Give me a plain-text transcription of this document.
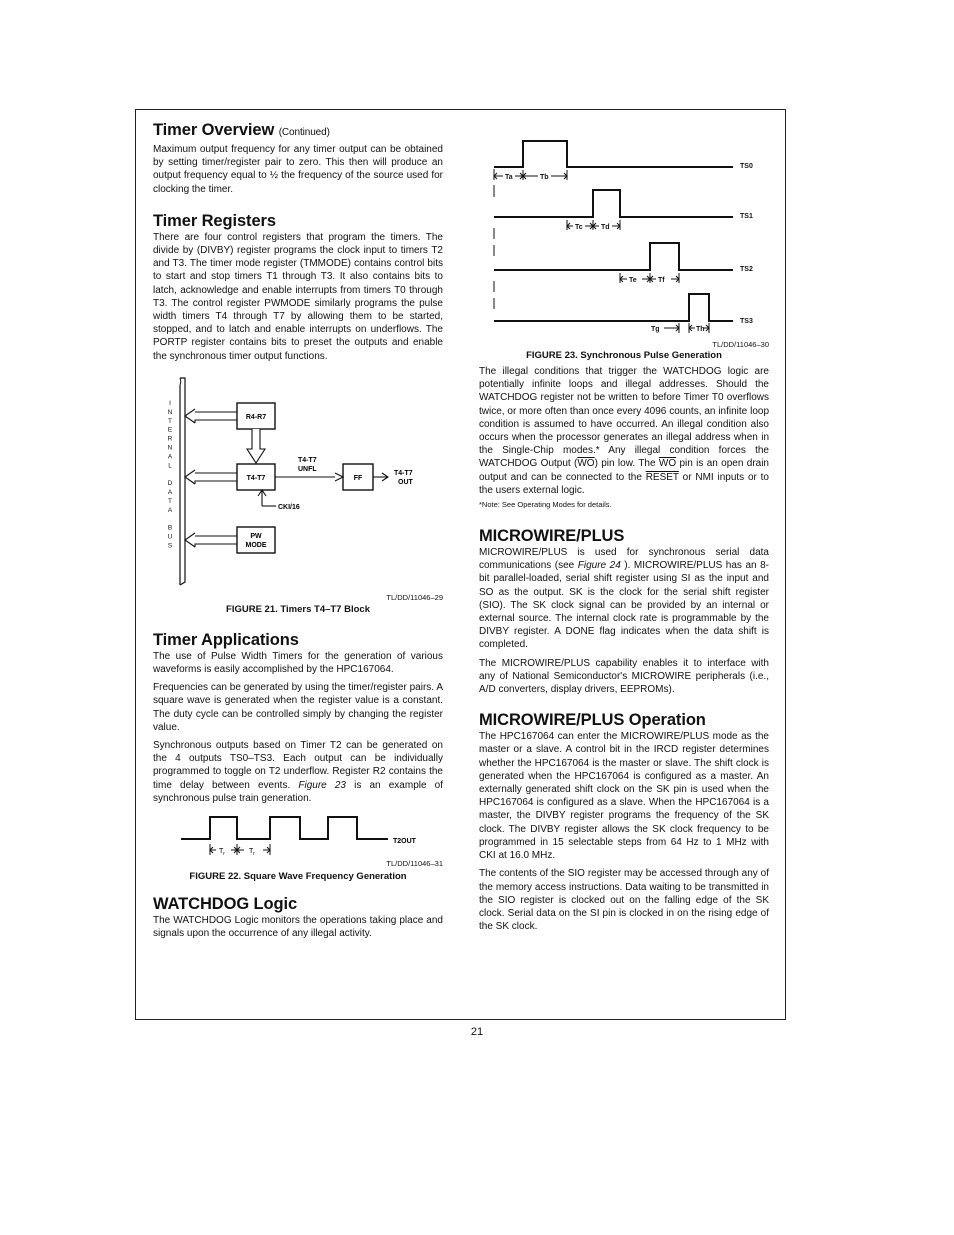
Timer Overview (Continued)

Maximum output frequency for any timer output can be obtained by setting timer/register pair to zero. This then will produce an output frequency equal to ½ the frequency of the source used for clocking the timer.

Timer Registers

There are four control registers that program the timers. The divide by (DIVBY) register programs the clock input to timers T2 and T3. The timer mode register (TMMODE) contains control bits to start and stop timers T1 through T3. It also contains bits to latch, acknowledge and enable interrupts from timers T0 through T3. The control register PWMODE similarly programs the pulse width timers T4 through T7 by allowing them to be started, stopped, and to latch and enable interrupts on underflows. The PORTP register contains bits to preset the outputs and enable the synchronous timer output functions.

I
N
T
E
R
N
A
L
D
A
T
A
B
U
S
R4-R7
T4-T7
PW
MODE
FF
T4-T7
UNFL
T4-T7
OUT
CKI/16
TL/DD/11046–29
FIGURE 21. Timers T4–T7 Block
Timer Applications

The use of Pulse Width Timers for the generation of various waveforms is easily accomplished by the HPC167064.

Frequencies can be generated by using the timer/register pairs. A square wave is generated when the register value is a constant. The duty cycle can be controlled simply by changing the register value.

Synchronous outputs based on Timer T2 can be generated on the 4 outputs TS0–TS3. Each output can be individually programmed to toggle on T2 underflow. Register R2 contains the time delay between events. Figure 23 is an example of synchronous pulse train generation.

T2OUT
$T_r$	$T_r$
TL/DD/11046–31
FIGURE 22. Square Wave Frequency Generation
WATCHDOG Logic

The WATCHDOG Logic monitors the operations taking place and signals upon the occurrence of any illegal activity.

TS0
TS1
TS2
TS3
Ta	Tb
Tc	Td
Te	Tf
Tg	Th
TL/DD/11046–30
FIGURE 23. Synchronous Pulse Generation

The illegal conditions that trigger the WATCHDOG logic are potentially infinite loops and illegal addresses. Should the WATCHDOG register not be written to before Timer T0 overflows twice, or more often than once every 4096 counts, an infinite loop condition is assumed to have occurred. An illegal condition also occurs when the processor generates an illegal address when in the Single-Chip modes.* Any illegal condition forces the WATCHDOG Output $(\overline{WO})$ pin low. The $\overline{WO}$ pin is an open drain output and can be connected to the RESET or NMI inputs or to the users external logic.

*Note: See Operating Modes for details.
MICROWIRE/PLUS

MICROWIRE/PLUS is used for synchronous serial data communications (see Figure 24 ). MICROWIRE/PLUS has an 8-bit parallel-loaded, serial shift register using SI as the input and SO as the output. SK is the clock for the serial shift register (SIO). The SK clock signal can be provided by an internal or external source. The internal clock rate is programmable by the DIVBY register. A DONE flag indicates when the data shift is completed.

The MICROWIRE/PLUS capability enables it to interface with any of National Semiconductor's MICROWIRE peripherals (i.e., A/D converters, display drivers, EEPROMs).

MICROWIRE/PLUS Operation

The HPC167064 can enter the MICROWIRE/PLUS mode as the master or a slave. A control bit in the IRCD register determines whether the HPC167064 is the master or slave. The shift clock is generated when the HPC167064 is configured as a master. An externally generated shift clock on the SK pin is used when the HPC167064 is configured as a slave. When the HPC167064 is a master, the DIVBY register programs the frequency of the SK clock. The DIVBY register allows the SK clock frequency to be programmed in 15 selectable steps from 64 Hz to 1 MHz with CKI at 16.0 MHz.

The contents of the SIO register may be accessed through any of the memory access instructions. Data waiting to be transmitted in the SIO register is clocked out on the falling edge of the SK clock. Serial data on the SI pin is clocked in on the rising edge of the SK clock.

21
